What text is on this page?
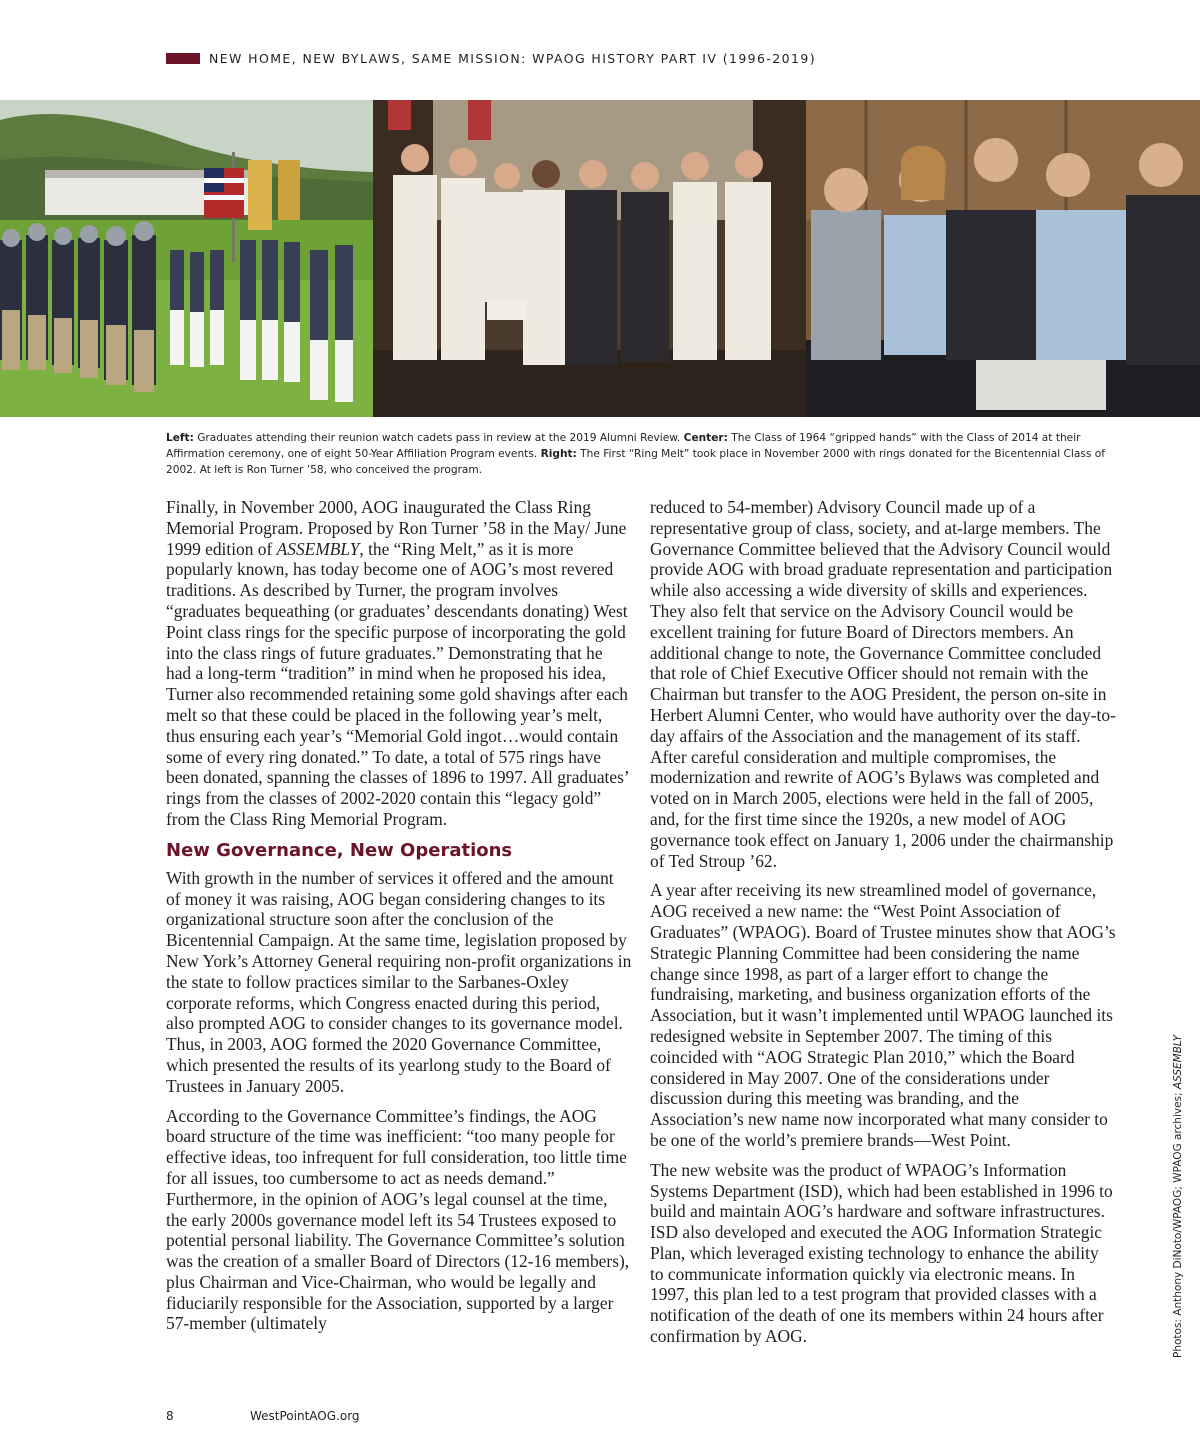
NEW HOME, NEW BYLAWS, SAME MISSION: WPAOG HISTORY PART IV (1996-2019)
Left: Graduates attending their reunion watch cadets pass in review at the 2019 Alumni Review. Center: The Class of 1964 “gripped hands” with the Class of 2014 at their Affirmation ceremony, one of eight 50-Year Affiliation Program events. Right: The First “Ring Melt” took place in November 2000 with rings donated for the Bicentennial Class of 2002. At left is Ron Turner ’58, who conceived the program.

Finally, in November 2000, AOG inaugurated the Class Ring Memorial Program. Proposed by Ron Turner ’58 in the May/ June 1999 edition of ASSEMBLY, the “Ring Melt,” as it is more popularly known, has today become one of AOG’s most revered traditions. As described by Turner, the program involves “graduates bequeathing (or graduates’ descendants donating) West Point class rings for the specific purpose of incorporating the gold into the class rings of future graduates.” Demonstrating that he had a long-term “tradition” in mind when he proposed his idea, Turner also recommended retaining some gold shavings after each melt so that these could be placed in the following year’s melt, thus ensuring each year’s “Memorial Gold ingot…would contain some of every ring donated.” To date, a total of 575 rings have been donated, spanning the classes of 1896 to 1997. All graduates’ rings from the classes of 2002-2020 contain this “legacy gold” from the Class Ring Memorial Program.

New Governance, New Operations

With growth in the number of services it offered and the amount of money it was raising, AOG began considering changes to its organizational structure soon after the conclusion of the Bicentennial Campaign. At the same time, legislation proposed by New York’s Attorney General requiring non-profit organizations in the state to follow practices similar to the Sarbanes-Oxley corporate reforms, which Congress enacted during this period, also prompted AOG to consider changes to its governance model. Thus, in 2003, AOG formed the 2020 Governance Committee, which presented the results of its yearlong study to the Board of Trustees in January 2005.

According to the Governance Committee’s findings, the AOG board structure of the time was inefficient: “too many people for effective ideas, too infrequent for full consideration, too little time for all issues, too cumbersome to act as needs demand.” Furthermore, in the opinion of AOG’s legal counsel at the time, the early 2000s governance model left its 54 Trustees exposed to potential personal liability. The Governance Committee’s solution was the creation of a smaller Board of Directors (12-16 members), plus Chairman and Vice-Chairman, who would be legally and fiduciarily responsible for the Association, supported by a larger 57-member (ultimately

reduced to 54-member) Advisory Council made up of a representative group of class, society, and at-large members. The Governance Committee believed that the Advisory Council would provide AOG with broad graduate representation and participation while also accessing a wide diversity of skills and experiences. They also felt that service on the Advisory Council would be excellent training for future Board of Directors members. An additional change to note, the Governance Committee concluded that role of Chief Executive Officer should not remain with the Chairman but transfer to the AOG President, the person on-site in Herbert Alumni Center, who would have authority over the day-to-day affairs of the Association and the management of its staff. After careful consideration and multiple compromises, the modernization and rewrite of AOG’s Bylaws was completed and voted on in March 2005, elections were held in the fall of 2005, and, for the first time since the 1920s, a new model of AOG governance took effect on January 1, 2006 under the chairmanship of Ted Stroup ’62.

A year after receiving its new streamlined model of governance, AOG received a new name: the “West Point Association of Graduates” (WPAOG). Board of Trustee minutes show that AOG’s Strategic Planning Committee had been considering the name change since 1998, as part of a larger effort to change the fundraising, marketing, and business organization efforts of the Association, but it wasn’t implemented until WPAOG launched its redesigned website in September 2007. The timing of this coincided with “AOG Strategic Plan 2010,” which the Board considered in May 2007. One of the considerations under discussion during this meeting was branding, and the Association’s new name now incorporated what many consider to be one of the world’s premiere brands—West Point.

The new website was the product of WPAOG’s Information Systems Department (ISD), which had been established in 1996 to build and maintain AOG’s hardware and software infrastructures. ISD also developed and executed the AOG Information Strategic Plan, which leveraged existing technology to enhance the ability to communicate information quickly via electronic means. In 1997, this plan led to a test program that provided classes with a notification of the death of one its members within 24 hours after confirmation by AOG.	Photos: Anthony DiNoto/WPAOG; WPAOG archives; ASSEMBLY
8	WestPointAOG.org
